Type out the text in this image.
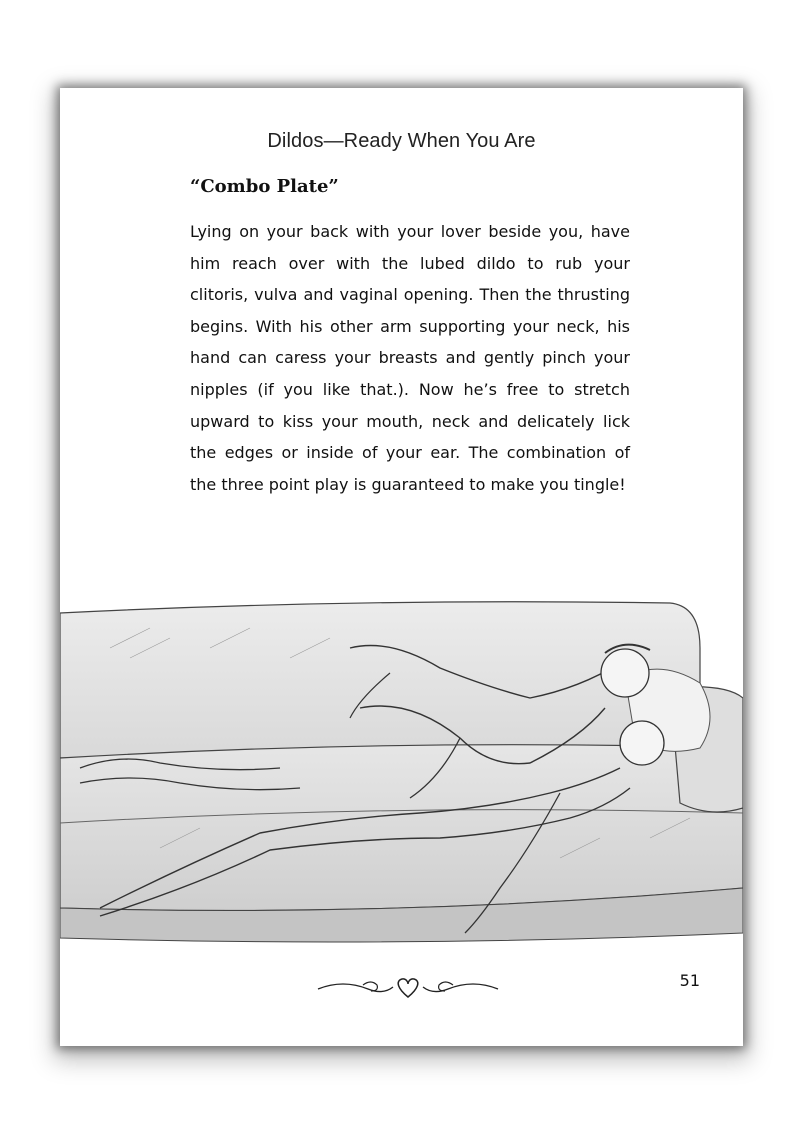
Dildos—Ready When You Are
“Combo Plate”
Lying on your back with your lover beside you, have him reach over with the lubed dildo to rub your clitoris, vulva and vaginal opening. Then the thrusting begins. With his other arm supporting your neck, his hand can caress your breasts and gently pinch your nipples (if you like that.). Now he’s free to stretch upward to kiss your mouth, neck and delicately lick the edges or inside of your ear. The combination of the three point play is guaranteed to make you tingle!
51
